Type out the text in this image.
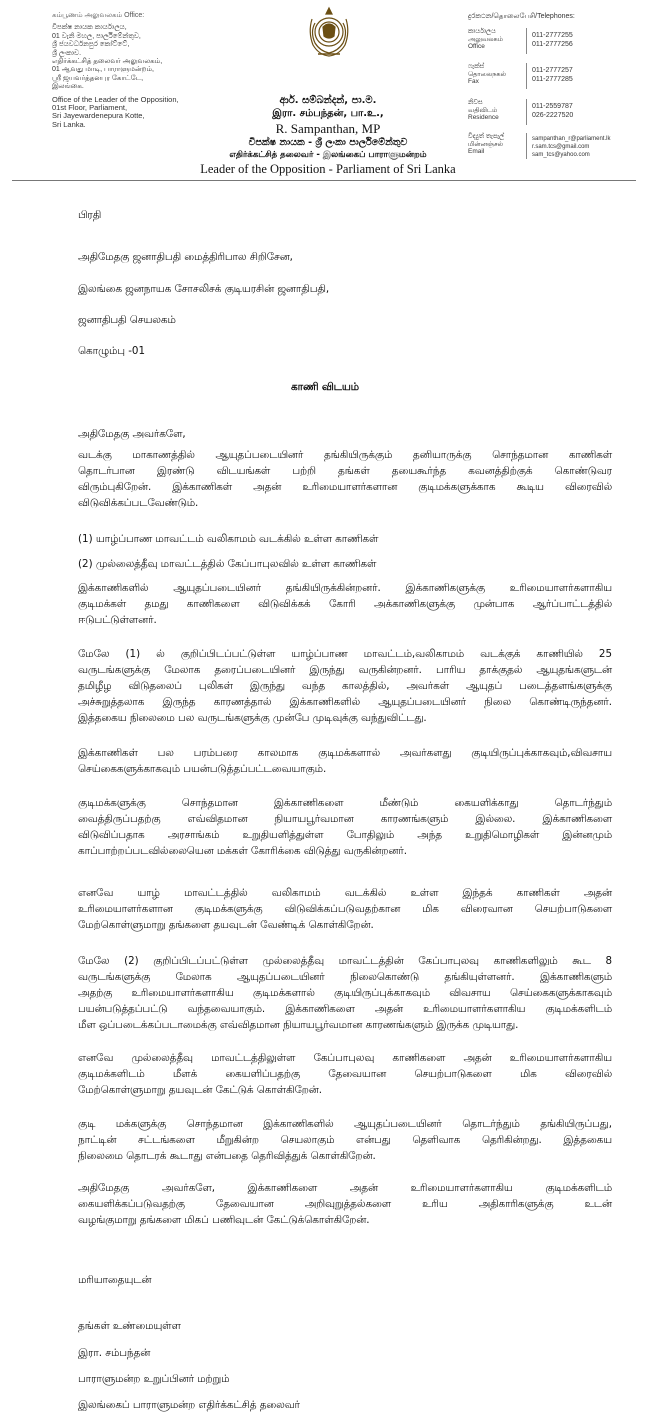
கம்பூணம் அலுவலகம் Office:
විපක්ෂ නායක කාර්යාලය,
01 වැනි මහල, පාර්ලිමේන්තුව,
ශ්‍රී ජයවර්ධනපුර කෝට්ටේ,
ශ්‍රී ලංකාව.
எதிர்க்கட்சித் தலைவர் அலுவலகம்,
01 ஆவது மாடி, பாராளுமன்றம்,
ஸ்ரீ ஜயவர்த்தனபுர கோட்டே,
இலங்கை.
Office of the Leader of the Opposition,
01st Floor, Parliament,
Sri Jayewardenepura Kotte,
Sri Lanka.
ආර්. සම්බන්දන්, පා.ම.
இரா. சம்பந்தன், பா.உ.,
R. Sampanthan, MP
විපක්ෂ නායක - ශ්‍රී ලංකා පාර්ලිමේන්තුව
எதிர்க்கட்சித் தலைவர் - இலங்கைப் பாராளுமன்றம்
Leader of the Opposition - Parliament of Sri Lanka
දුරකථන/தொலைபேசி/Telephones:
කාර්යාලය
அலுவலகம்
Office
011-2777255
011-2777256
ෆැක්ස්
தொலைநகல்
Fax
011-2777257
011-2777285
නිවස
வதிவிடம்
Residence
011-2559787
026-2227520
විද්‍යුත් තැපැල්
மின்னஞ்சல்
Email
sampanthan_r@parliament.lk
r.sam.tcs@gmail.com
sam_tcs@yahoo.com
பிரதி
அதிமேதகு ஜனாதிபதி மைத்திரிபால சிறிசேன,
இலங்கை ஜனநாயக சோசலிசக் குடியரசின் ஜனாதிபதி,
ஜனாதிபதி செயலகம்
கொழும்பு -01
காணி விடயம்
அதிமேதகு அவர்களே,
வடக்கு மாகாணத்தில் ஆயுதப்படையினர் தங்கியிருக்கும் தனியாருக்கு சொந்தமான காணிகள்
தொடர்பான இரண்டு விடயங்கள் பற்றி தங்கள் தயைகூர்ந்த கவனத்திற்குக் கொண்டுவர
விரும்புகிறேன். இக்காணிகள் அதன் உரிமையாளர்களான குடிமக்களுக்காக கூடிய விரைவில்
விடுவிக்கப்படவேண்டும்.
(1) யாழ்ப்பாண மாவட்டம் வலிகாமம் வடக்கில் உள்ள காணிகள்
(2) முல்லைத்தீவு மாவட்டத்தில் கேப்பாபுலவில் உள்ள காணிகள்
இக்காணிகளில் ஆயுதப்படையினர் தங்கியிருக்கின்றனர். இக்காணிகளுக்கு உரிமையாளர்களாகிய
குடிமக்கள் தமது காணிகளை விடுவிக்கக் கோரி அக்காணிகளுக்கு முன்பாக ஆர்ப்பாட்டத்தில்
ஈடுபட்டுள்ளனர்.
மேலே (1) ல் குறிப்பிடப்பட்டுள்ள யாழ்ப்பாண மாவட்டம்,வலிகாமம் வடக்குக் காணியில் 25
வருடங்களுக்கு மேலாக தரைப்படையினர் இருந்து வருகின்றனர். பாரிய தாக்குதல் ஆயுதங்களுடன்
தமிழீழ விடுதலைப் புலிகள் இருந்து வந்த காலத்தில், அவர்கள் ஆயுதப் படைத்தளங்களுக்கு
அச்சுறுத்தலாக இருந்த காரணத்தால் இக்காணிகளில் ஆயுதப்படையினர் நிலை கொண்டிருந்தனர்.
இத்தகைய நிலைமை பல வருடங்களுக்கு முன்பே முடிவுக்கு வந்துவிட்டது.
இக்காணிகள் பல பரம்பரை காலமாக குடிமக்களால் அவர்களது குடியிருப்புக்காகவும்,விவசாய
செய்கைகளுக்காகவும் பயன்படுத்தப்பட்டவையாகும்.
குடிமக்களுக்கு சொந்தமான இக்காணிகளை மீண்டும் கையளிக்காது தொடர்ந்தும்
வைத்திருப்பதற்கு எவ்விதமான நியாயபூர்வமான காரணங்களும் இல்லை. இக்காணிகளை
விடுவிப்பதாக அரசாங்கம் உறுதியளித்துள்ள போதிலும் அந்த உறுதிமொழிகள் இன்னமும்
காப்பாற்றப்படவில்லையென மக்கள் கோரிக்கை விடுத்து வருகின்றனர்.
எனவே யாழ் மாவட்டத்தில் வலிகாமம் வடக்கில் உள்ள இந்தக் காணிகள் அதன்
உரிமையாளர்களான குடிமக்களுக்கு விடுவிக்கப்படுவதற்கான மிக விரைவான செயற்பாடுகளை
மேற்கொள்ளுமாறு தங்களை தயவுடன் வேண்டிக் கொள்கிறேன்.
மேலே (2) குறிப்பிடப்பட்டுள்ள முல்லைத்தீவு மாவட்டத்தின் கேப்பாபுலவு காணிகளிலும் கூட 8
வருடங்களுக்கு மேலாக ஆயுதப்படையினர் நிலைகொண்டு தங்கியுள்ளனர். இக்காணிகளும்
அதற்கு உரிமையாளர்களாகிய குடிமக்களால் குடியிருப்புக்காகவும் விவசாய செய்கைகளுக்காகவும்
பயன்படுத்தப்பட்டு வந்தவையாகும். இக்காணிகளை அதன் உரிமையாளர்களாகிய குடிமக்களிடம்
மீள ஒப்படைக்கப்படாமைக்கு எவ்விதமான நியாயபூர்வமான காரணங்களும் இருக்க முடியாது.
எனவே முல்லைத்தீவு மாவட்டத்திலுள்ள கேப்பாபுலவு காணிகளை அதன் உரிமையாளர்களாகிய
குடிமக்களிடம் மீளக் கையளிப்பதற்கு தேவையான செயற்பாடுகளை மிக விரைவில்
மேற்கொள்ளுமாறு தயவுடன் கேட்டுக் கொள்கிறேன்.
குடி மக்களுக்கு சொந்தமான இக்காணிகளில் ஆயுதப்படையினர் தொடர்ந்தும் தங்கியிருப்பது,
நாட்டின் சட்டங்களை மீறுகின்ற செயலாகும் என்பது தெளிவாக தெரிகின்றது. இத்தகைய
நிலைமை தொடரக் கூடாது என்பதை தெரிவித்துக் கொள்கிறேன்.
அதிமேதகு அவர்களே, இக்காணிகளை அதன் உரிமையாளர்களாகிய குடிமக்களிடம்
கையளிக்கப்படுவதற்கு தேவையான அறிவுறுத்தல்களை உரிய அதிகாரிகளுக்கு உடன்
வழங்குமாறு தங்களை மிகப் பணிவுடன் கேட்டுக்கொள்கிறேன்.
மரியாதையுடன்
தங்கள் உண்மையுள்ள
இரா. சம்பந்தன்
பாராளுமன்ற உறுப்பினர் மற்றும்
இலங்கைப் பாராளுமன்ற எதிர்க்கட்சித் தலைவர்
